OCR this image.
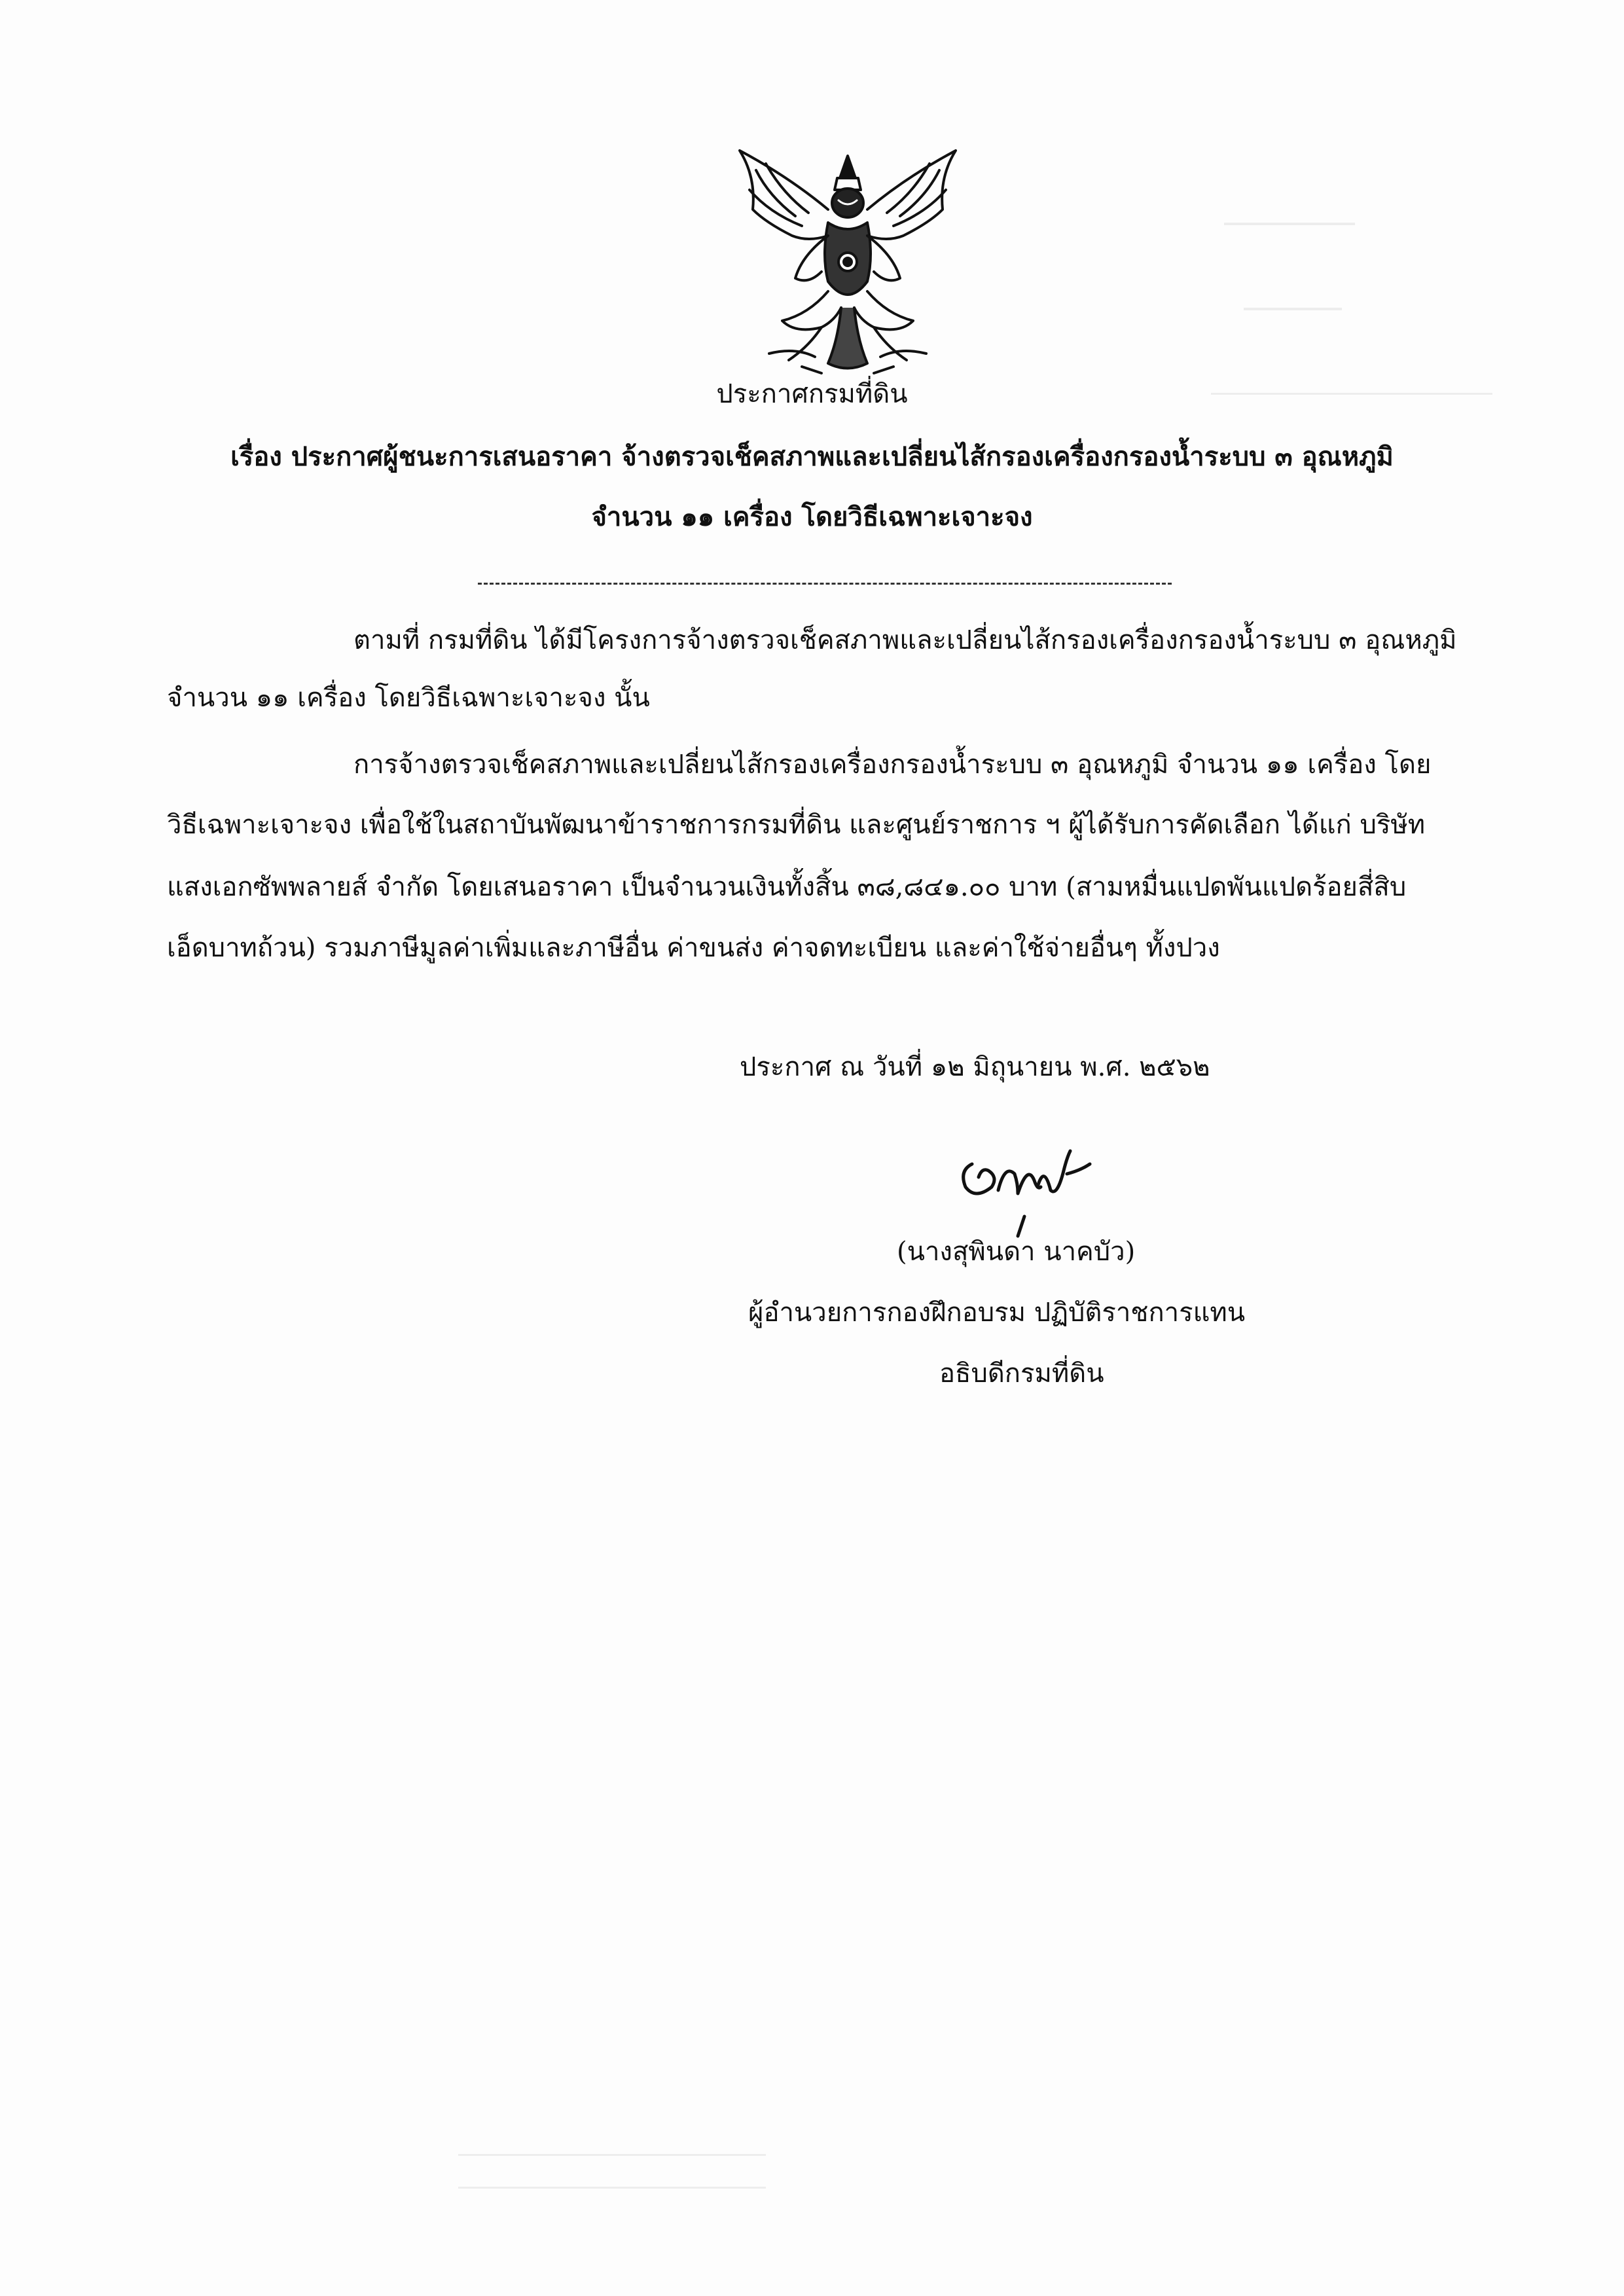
ประกาศกรมที่ดิน
เรื่อง ประกาศผู้ชนะการเสนอราคา จ้างตรวจเช็คสภาพและเปลี่ยนไส้กรองเครื่องกรองน้ำระบบ ๓ อุณหภูมิ
จำนวน ๑๑ เครื่อง โดยวิธีเฉพาะเจาะจง
ตามที่ กรมที่ดิน ได้มีโครงการจ้างตรวจเช็คสภาพและเปลี่ยนไส้กรองเครื่องกรองน้ำระบบ ๓ อุณหภูมิ
จำนวน ๑๑ เครื่อง โดยวิธีเฉพาะเจาะจง นั้น
การจ้างตรวจเช็คสภาพและเปลี่ยนไส้กรองเครื่องกรองน้ำระบบ ๓ อุณหภูมิ จำนวน ๑๑ เครื่อง โดย
วิธีเฉพาะเจาะจง เพื่อใช้ในสถาบันพัฒนาข้าราชการกรมที่ดิน และศูนย์ราชการ ฯ ผู้ได้รับการคัดเลือก ได้แก่ บริษัท
แสงเอกซัพพลายส์ จำกัด โดยเสนอราคา เป็นจำนวนเงินทั้งสิ้น ๓๘,๘๔๑.๐๐ บาท (สามหมื่นแปดพันแปดร้อยสี่สิบ
เอ็ดบาทถ้วน) รวมภาษีมูลค่าเพิ่มและภาษีอื่น ค่าขนส่ง ค่าจดทะเบียน และค่าใช้จ่ายอื่นๆ ทั้งปวง
ประกาศ ณ วันที่ ๑๒ มิถุนายน พ.ศ. ๒๕๖๒
(นางสุพินดา นาคบัว)
ผู้อำนวยการกองฝึกอบรม ปฏิบัติราชการแทน
อธิบดีกรมที่ดิน
